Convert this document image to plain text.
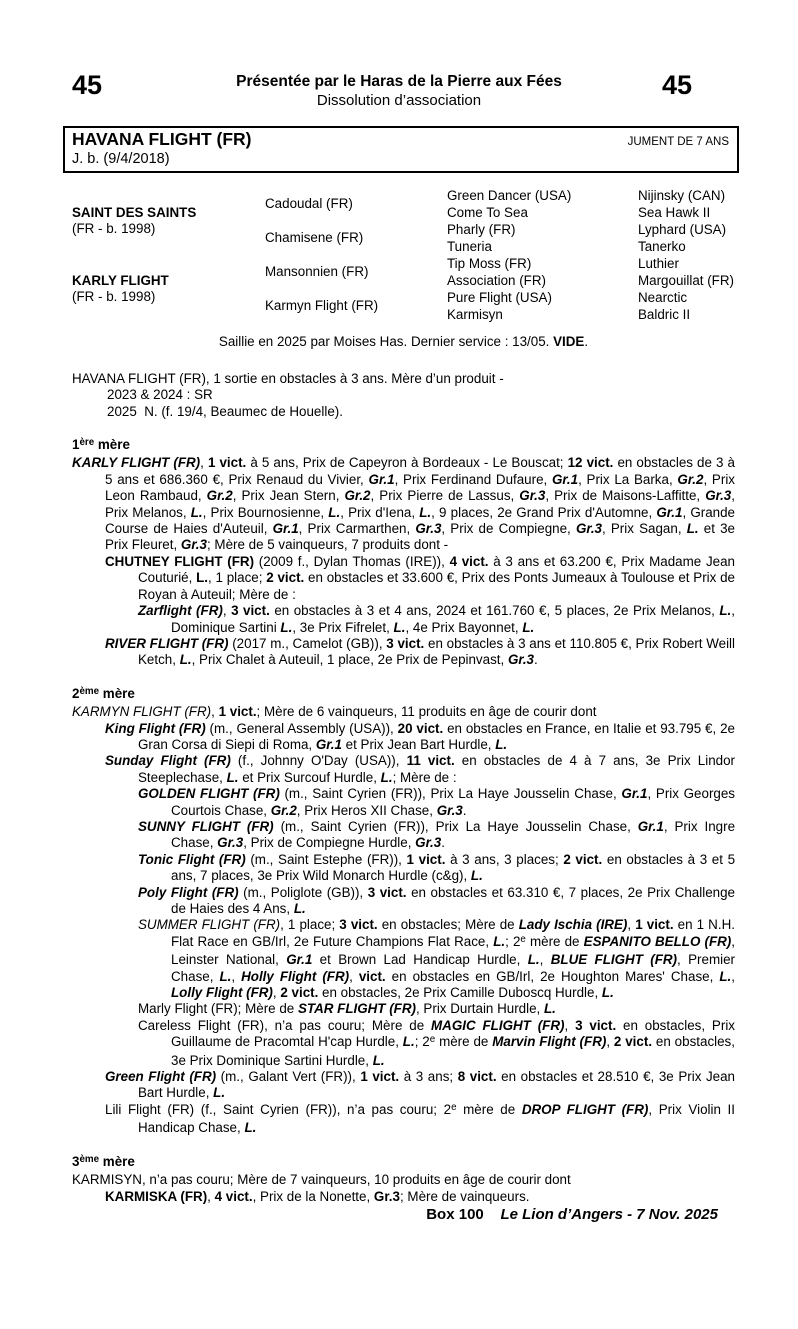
45	Présentée par le Haras de la Pierre aux Fées
Dissolution d’association
45
HAVANA FLIGHT (FR)	JUMENT DE 7 ANS
J. b. (9/4/2018)
SAINT DES SAINTS
(FR - b. 1998)
KARLY FLIGHT
(FR - b. 1998)
Cadoudal (FR)
Chamisene (FR)
Mansonnien (FR)
Karmyn Flight (FR)
Green Dancer (USA)
Come To Sea
Pharly (FR)
Tuneria
Tip Moss (FR)
Association (FR)
Pure Flight (USA)
Karmisyn
Nijinsky (CAN)
Sea Hawk II
Lyphard (USA)
Tanerko
Luthier
Margouillat (FR)
Nearctic
Baldric II
Saillie en 2025 par Moises Has. Dernier service : 13/05. VIDE.
HAVANA FLIGHT (FR), 1 sortie en obstacles à 3 ans. Mère d’un produit -
2023 & 2024 : SR
2025  N. (f. 19/4, Beaumec de Houelle).
1ère mère
KARLY FLIGHT (FR), 1 vict. à 5 ans, Prix de Capeyron à Bordeaux - Le Bouscat; 12 vict. en obstacles de 3 à 5 ans et 686.360 €, Prix Renaud du Vivier, Gr.1, Prix Ferdinand Dufaure, Gr.1, Prix La Barka, Gr.2, Prix Leon Rambaud, Gr.2, Prix Jean Stern, Gr.2, Prix Pierre de Lassus, Gr.3, Prix de Maisons-Laffitte, Gr.3, Prix Melanos, L., Prix Bournosienne, L., Prix d'Iena, L., 9 places, 2e Grand Prix d'Automne, Gr.1, Grande Course de Haies d'Auteuil, Gr.1, Prix Carmarthen, Gr.3, Prix de Compiegne, Gr.3, Prix Sagan, L. et 3e Prix Fleuret, Gr.3; Mère de 5 vainqueurs, 7 produits dont -
CHUTNEY FLIGHT (FR) (2009 f., Dylan Thomas (IRE)), 4 vict. à 3 ans et 63.200 €, Prix Madame Jean Couturié, L., 1 place; 2 vict. en obstacles et 33.600 €, Prix des Ponts Jumeaux à Toulouse et Prix de Royan à Auteuil; Mère de :
Zarflight (FR), 3 vict. en obstacles à 3 et 4 ans, 2024 et 161.760 €, 5 places, 2e Prix Melanos, L., Dominique Sartini L., 3e Prix Fifrelet, L., 4e Prix Bayonnet, L.
RIVER FLIGHT (FR) (2017 m., Camelot (GB)), 3 vict. en obstacles à 3 ans et 110.805 €, Prix Robert Weill Ketch, L., Prix Chalet à Auteuil, 1 place, 2e Prix de Pepinvast, Gr.3.
2ème mère
KARMYN FLIGHT (FR), 1 vict.; Mère de 6 vainqueurs, 11 produits en âge de courir dont
King Flight (FR) (m., General Assembly (USA)), 20 vict. en obstacles en France, en Italie et 93.795 €, 2e Gran Corsa di Siepi di Roma, Gr.1 et Prix Jean Bart Hurdle, L.
Sunday Flight (FR) (f., Johnny O'Day (USA)), 11 vict. en obstacles de 4 à 7 ans, 3e Prix Lindor Steeplechase, L. et Prix Surcouf Hurdle, L.; Mère de :
GOLDEN FLIGHT (FR) (m., Saint Cyrien (FR)), Prix La Haye Jousselin Chase, Gr.1, Prix Georges Courtois Chase, Gr.2, Prix Heros XII Chase, Gr.3.
SUNNY FLIGHT (FR) (m., Saint Cyrien (FR)), Prix La Haye Jousselin Chase, Gr.1, Prix Ingre Chase, Gr.3, Prix de Compiegne Hurdle, Gr.3.
Tonic Flight (FR) (m., Saint Estephe (FR)), 1 vict. à 3 ans, 3 places; 2 vict. en obstacles à 3 et 5 ans, 7 places, 3e Prix Wild Monarch Hurdle (c&g), L.
Poly Flight (FR) (m., Poliglote (GB)), 3 vict. en obstacles et 63.310 €, 7 places, 2e Prix Challenge de Haies des 4 Ans, L.
SUMMER FLIGHT (FR), 1 place; 3 vict. en obstacles; Mère de Lady Ischia (IRE), 1 vict. en 1 N.H. Flat Race en GB/Irl, 2e Future Champions Flat Race, L.; 2e mère de ESPANITO BELLO (FR), Leinster National, Gr.1 et Brown Lad Handicap Hurdle, L., BLUE FLIGHT (FR), Premier Chase, L., Holly Flight (FR), vict. en obstacles en GB/Irl, 2e Houghton Mares' Chase, L., Lolly Flight (FR), 2 vict. en obstacles, 2e Prix Camille Duboscq Hurdle, L.
Marly Flight (FR); Mère de STAR FLIGHT (FR), Prix Durtain Hurdle, L.
Careless Flight (FR), n’a pas couru; Mère de MAGIC FLIGHT (FR), 3 vict. en obstacles, Prix Guillaume de Pracomtal H'cap Hurdle, L.; 2e mère de Marvin Flight (FR), 2 vict. en obstacles, 3e Prix Dominique Sartini Hurdle, L.
Green Flight (FR) (m., Galant Vert (FR)), 1 vict. à 3 ans; 8 vict. en obstacles et 28.510 €, 3e Prix Jean Bart Hurdle, L.
Lili Flight (FR) (f., Saint Cyrien (FR)), n’a pas couru; 2e mère de DROP FLIGHT (FR), Prix Violin II Handicap Chase, L.
3ème mère
KARMISYN, n’a pas couru; Mère de 7 vainqueurs, 10 produits en âge de courir dont
KARMISKA (FR), 4 vict., Prix de la Nonette, Gr.3; Mère de vainqueurs.
Box 100 Le Lion d’Angers - 7 Nov. 2025
